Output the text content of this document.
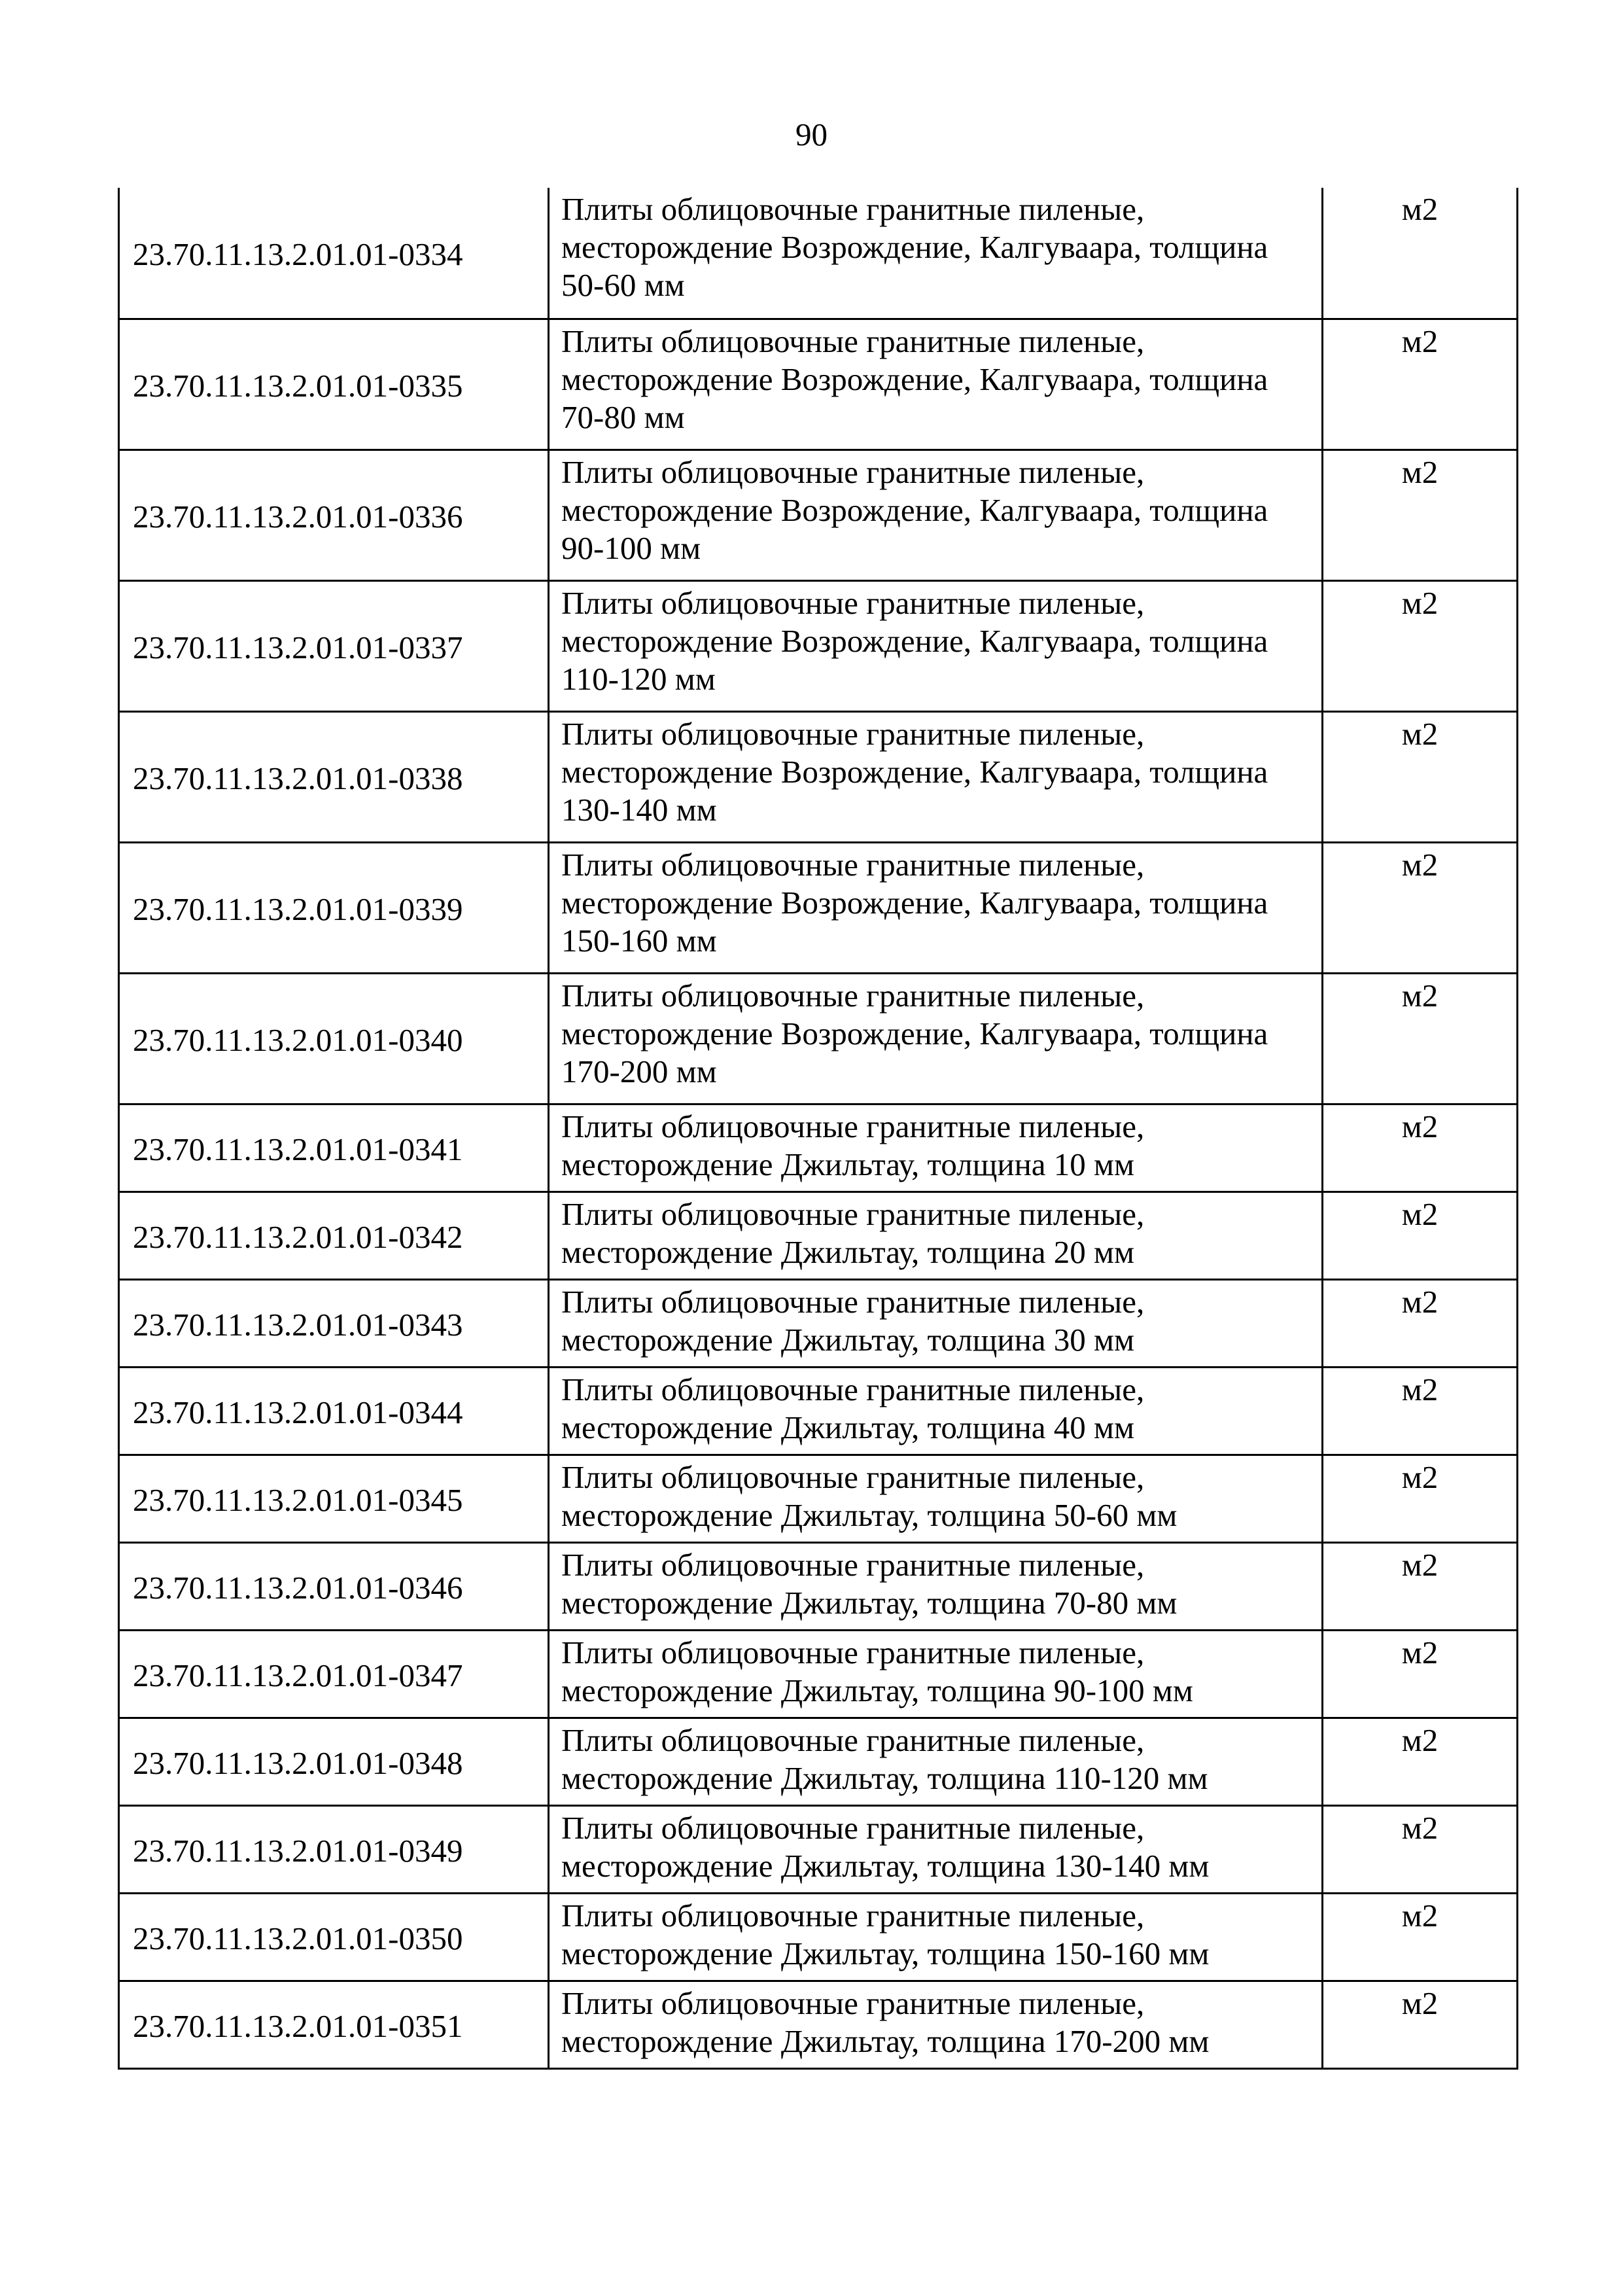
90
23.70.11.13.2.01.01-0334	Плиты облицовочные гранитные пиленые, месторождение Возрождение, Калгуваара, толщина 50-60 мм	м2
23.70.11.13.2.01.01-0335	Плиты облицовочные гранитные пиленые, месторождение Возрождение, Калгуваара, толщина 70-80 мм	м2
23.70.11.13.2.01.01-0336	Плиты облицовочные гранитные пиленые, месторождение Возрождение, Калгуваара, толщина 90-100 мм	м2
23.70.11.13.2.01.01-0337	Плиты облицовочные гранитные пиленые, месторождение Возрождение, Калгуваара, толщина 110-120 мм	м2
23.70.11.13.2.01.01-0338	Плиты облицовочные гранитные пиленые, месторождение Возрождение, Калгуваара, толщина 130-140 мм	м2
23.70.11.13.2.01.01-0339	Плиты облицовочные гранитные пиленые, месторождение Возрождение, Калгуваара, толщина 150-160 мм	м2
23.70.11.13.2.01.01-0340	Плиты облицовочные гранитные пиленые, месторождение Возрождение, Калгуваара, толщина 170-200 мм	м2
23.70.11.13.2.01.01-0341	Плиты облицовочные гранитные пиленые, месторождение Джильтау, толщина 10 мм	м2
23.70.11.13.2.01.01-0342	Плиты облицовочные гранитные пиленые, месторождение Джильтау, толщина 20 мм	м2
23.70.11.13.2.01.01-0343	Плиты облицовочные гранитные пиленые, месторождение Джильтау, толщина 30 мм	м2
23.70.11.13.2.01.01-0344	Плиты облицовочные гранитные пиленые, месторождение Джильтау, толщина 40 мм	м2
23.70.11.13.2.01.01-0345	Плиты облицовочные гранитные пиленые, месторождение Джильтау, толщина 50-60 мм	м2
23.70.11.13.2.01.01-0346	Плиты облицовочные гранитные пиленые, месторождение Джильтау, толщина 70-80 мм	м2
23.70.11.13.2.01.01-0347	Плиты облицовочные гранитные пиленые, месторождение Джильтау, толщина 90-100 мм	м2
23.70.11.13.2.01.01-0348	Плиты облицовочные гранитные пиленые, месторождение Джильтау, толщина 110-120 мм	м2
23.70.11.13.2.01.01-0349	Плиты облицовочные гранитные пиленые, месторождение Джильтау, толщина 130-140 мм	м2
23.70.11.13.2.01.01-0350	Плиты облицовочные гранитные пиленые, месторождение Джильтау, толщина 150-160 мм	м2
23.70.11.13.2.01.01-0351	Плиты облицовочные гранитные пиленые, месторождение Джильтау, толщина 170-200 мм	м2
